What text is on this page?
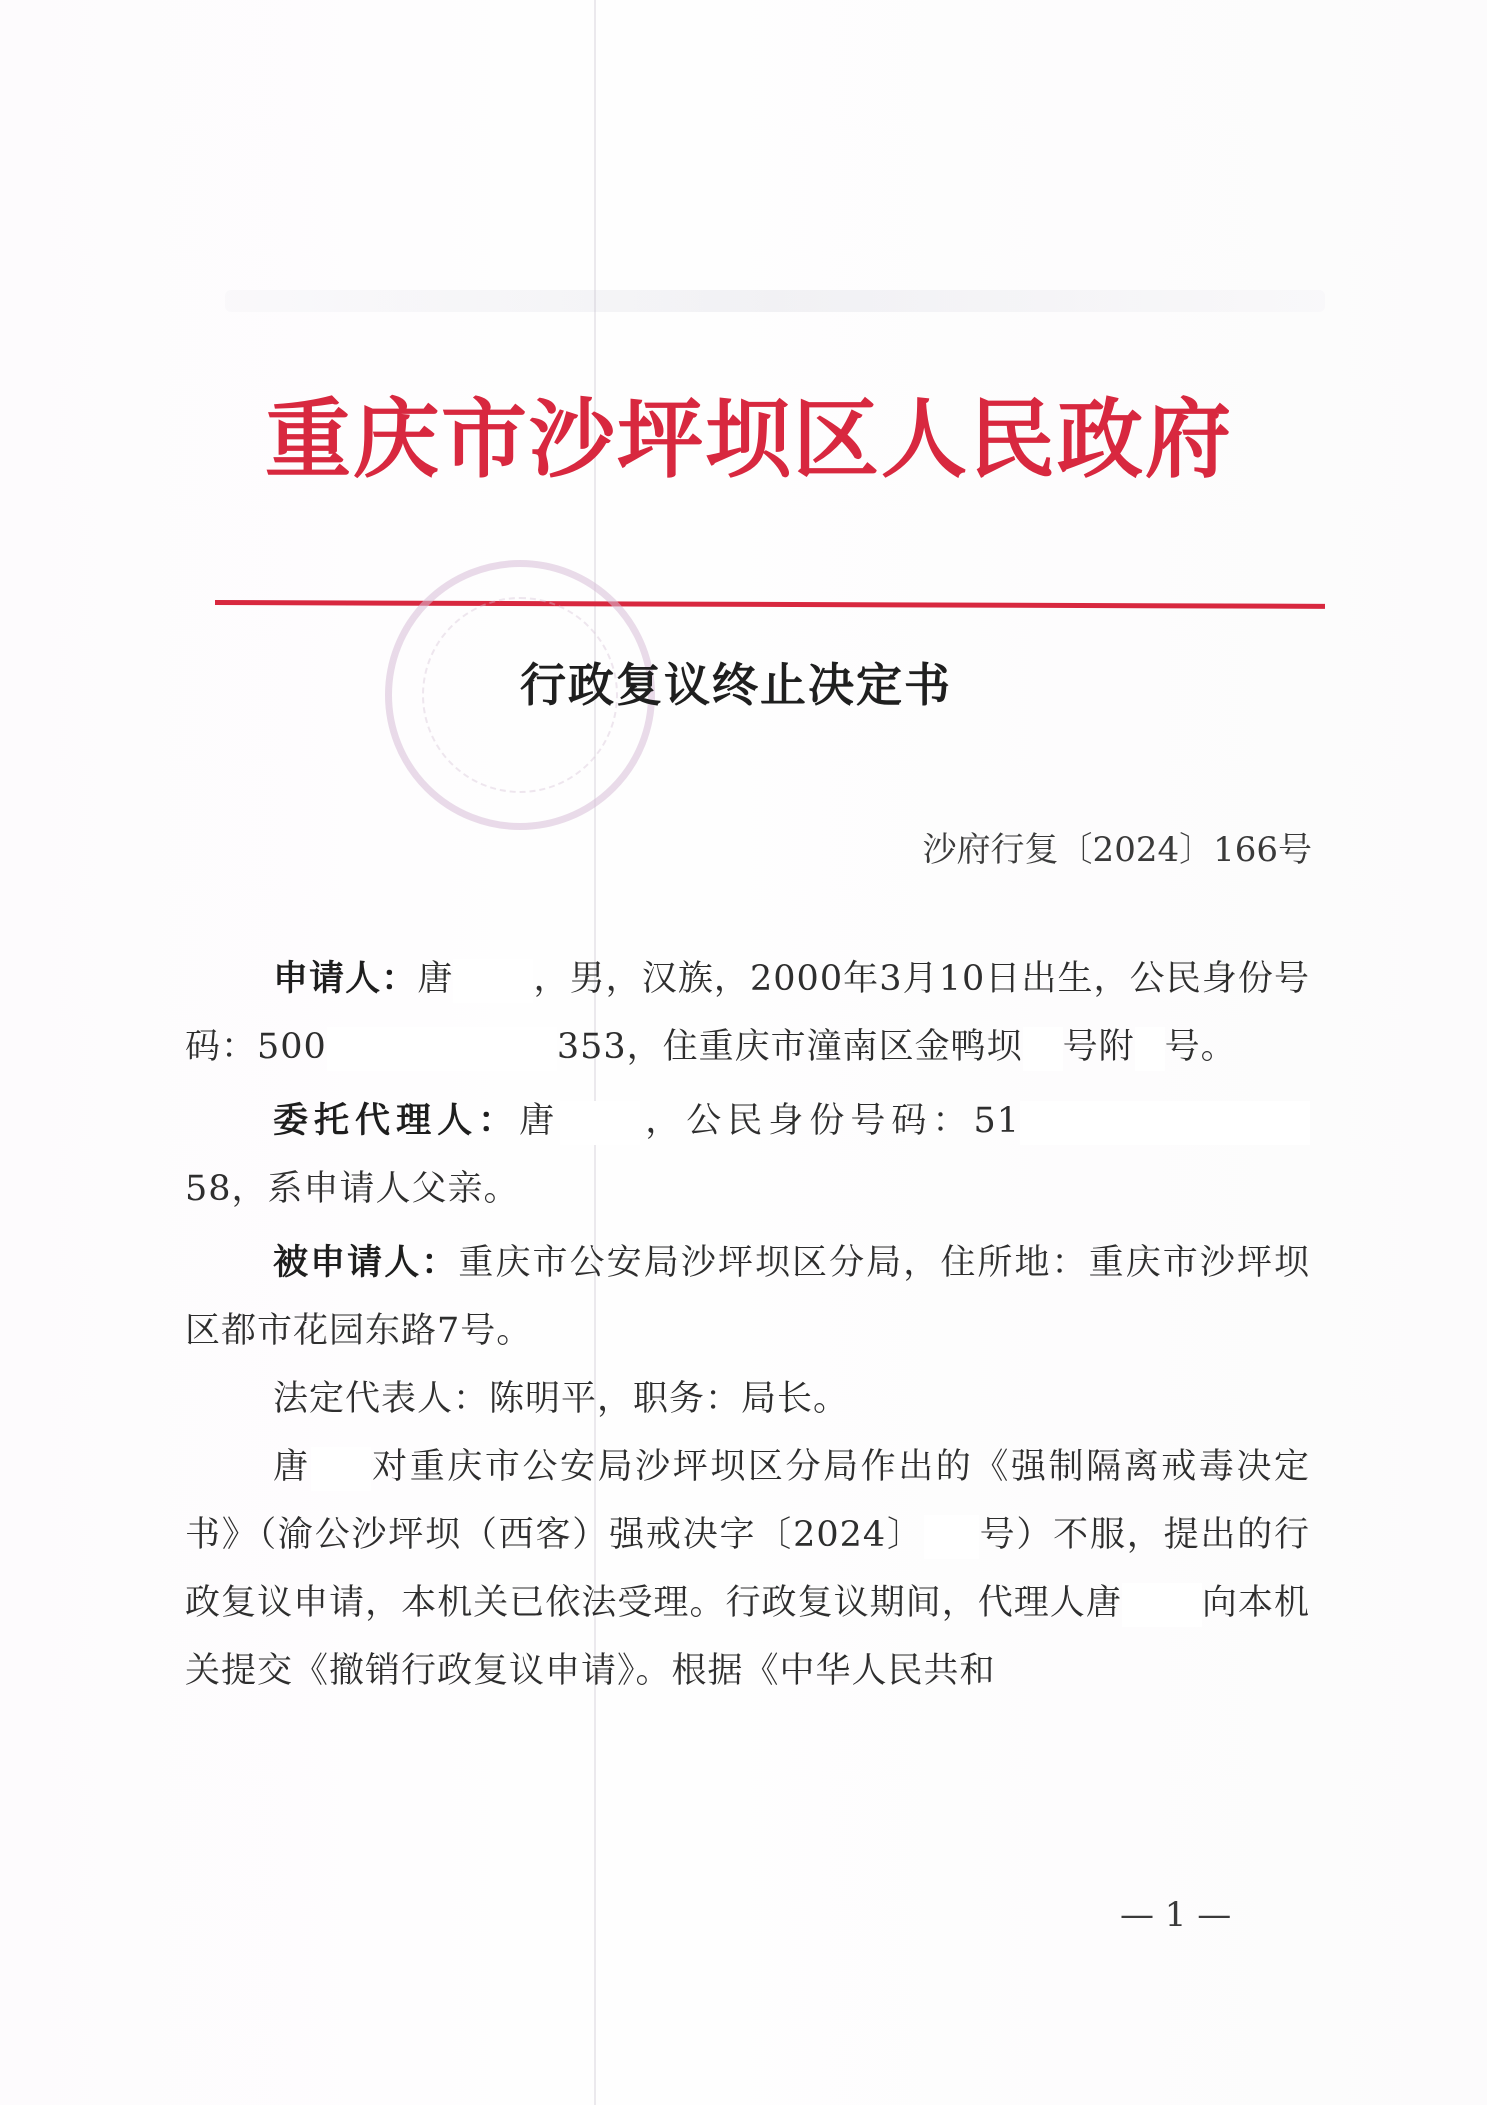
重庆市沙坪坝区人民政府
行政复议终止决定书
沙府行复〔2024〕166号

申请人：唐 ，男，汉族，2000年3月10日出生，公民身份号码：500	353，住重庆市潼南区金鸭坝 号附 号。

委托代理人：唐 ，公民身份号码：5158，系申请人父亲。

被申请人：重庆市公安局沙坪坝区分局，住所地：重庆市沙坪坝区都市花园东路7号。

法定代表人：陈明平，职务：局长。

唐 对重庆市公安局沙坪坝区分局作出的《强制隔离戒毒决定书》（渝公沙坪坝（西客）强戒决字〔2024〕 号）不服，提出的行政复议申请，本机关已依法受理。行政复议期间，代理人唐 向本机关提交《撤销行政复议申请》。根据《中华人民共和

— 1 —
